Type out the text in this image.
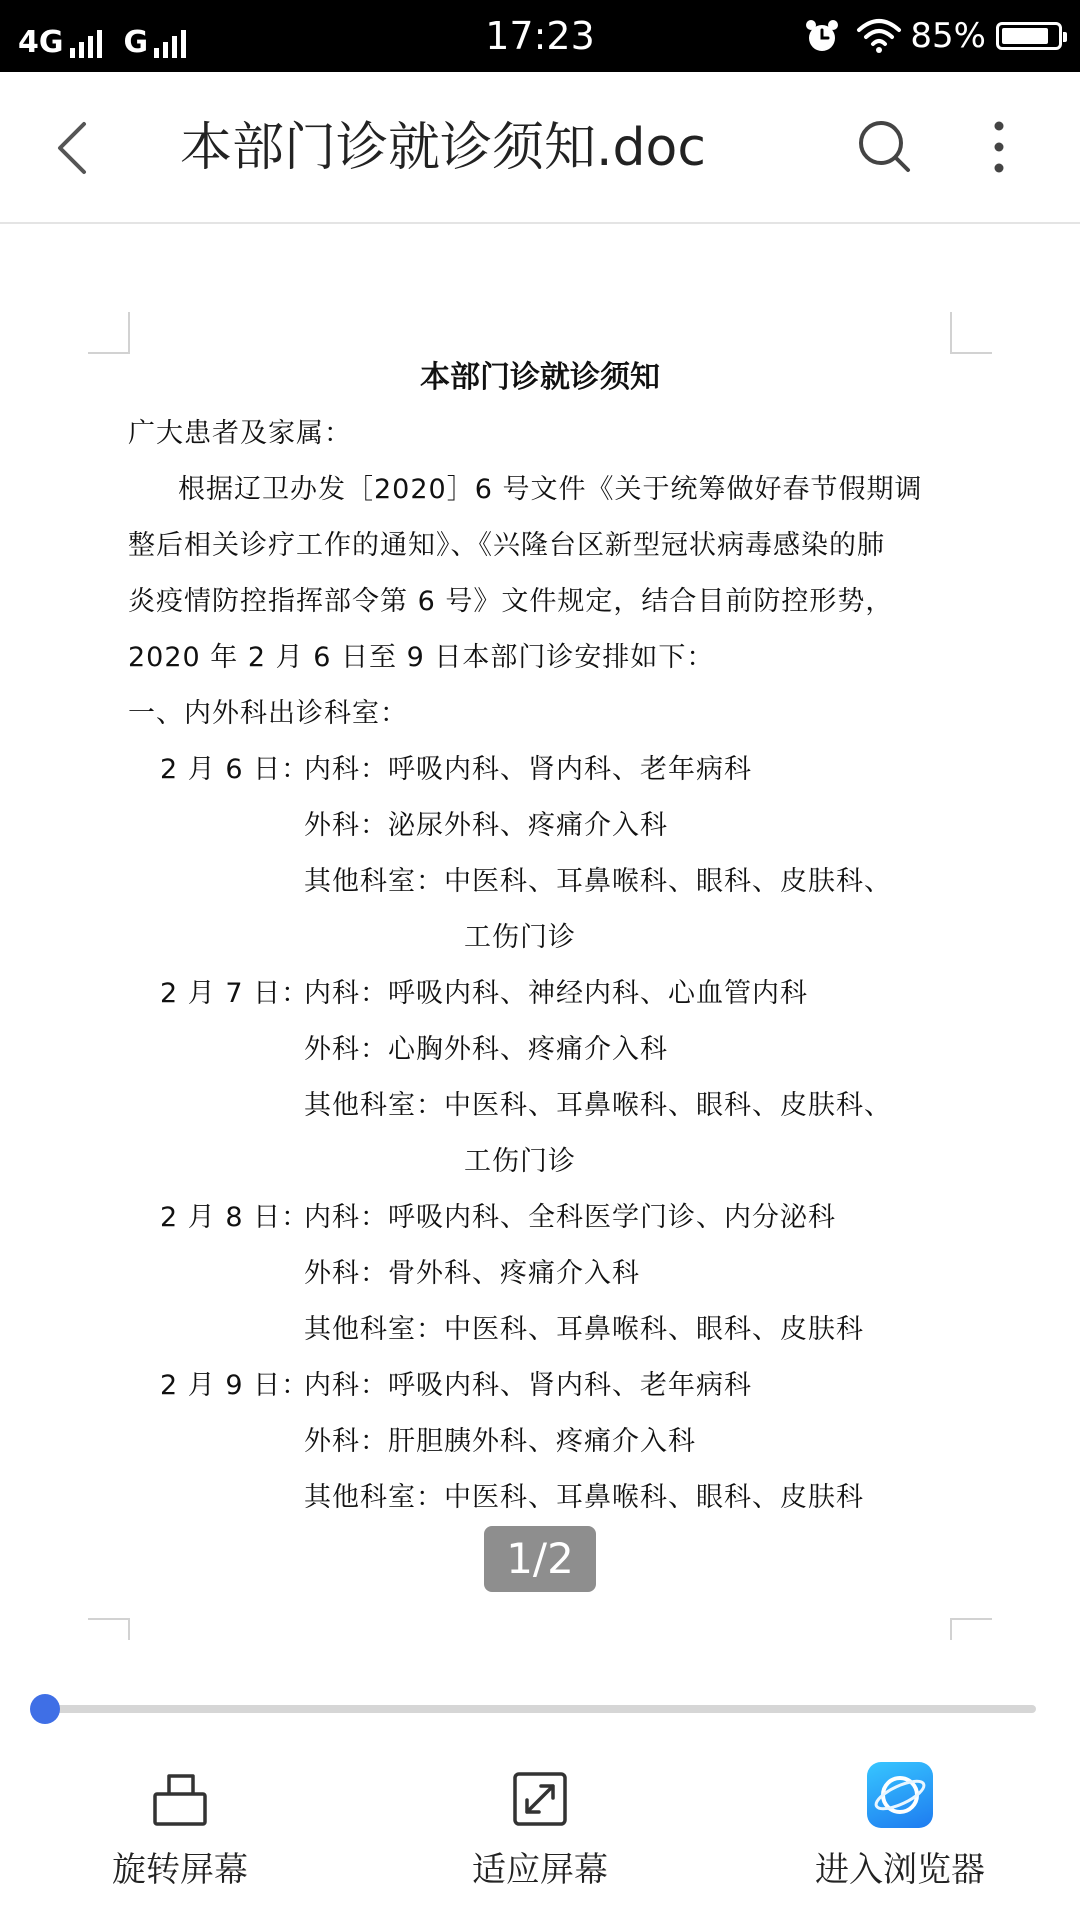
4G G	17:23	85%
本部门诊就诊须知.doc
本部门诊就诊须知
广大患者及家属：
根据辽卫办发［2020］6 号文件《关于统筹做好春节假期调
整后相关诊疗工作的通知》、《兴隆台区新型冠状病毒感染的肺
炎疫情防控指挥部令第 6 号》文件规定，结合目前防控形势，
2020 年 2 月 6 日至 9 日本部门诊安排如下：
一、内外科出诊科室：
2 月 6 日：
内科：呼吸内科、肾内科、老年病科
外科：泌尿外科、疼痛介入科
其他科室：中医科、耳鼻喉科、眼科、皮肤科、
工伤门诊
2 月 7 日：
内科：呼吸内科、神经内科、心血管内科
外科：心胸外科、疼痛介入科
其他科室：中医科、耳鼻喉科、眼科、皮肤科、
工伤门诊
2 月 8 日：
内科：呼吸内科、全科医学门诊、内分泌科
外科：骨外科、疼痛介入科
其他科室：中医科、耳鼻喉科、眼科、皮肤科
2 月 9 日：
内科：呼吸内科、肾内科、老年病科
外科：肝胆胰外科、疼痛介入科
其他科室：中医科、耳鼻喉科、眼科、皮肤科
1/2
旋转屏幕	适应屏幕	进入浏览器
